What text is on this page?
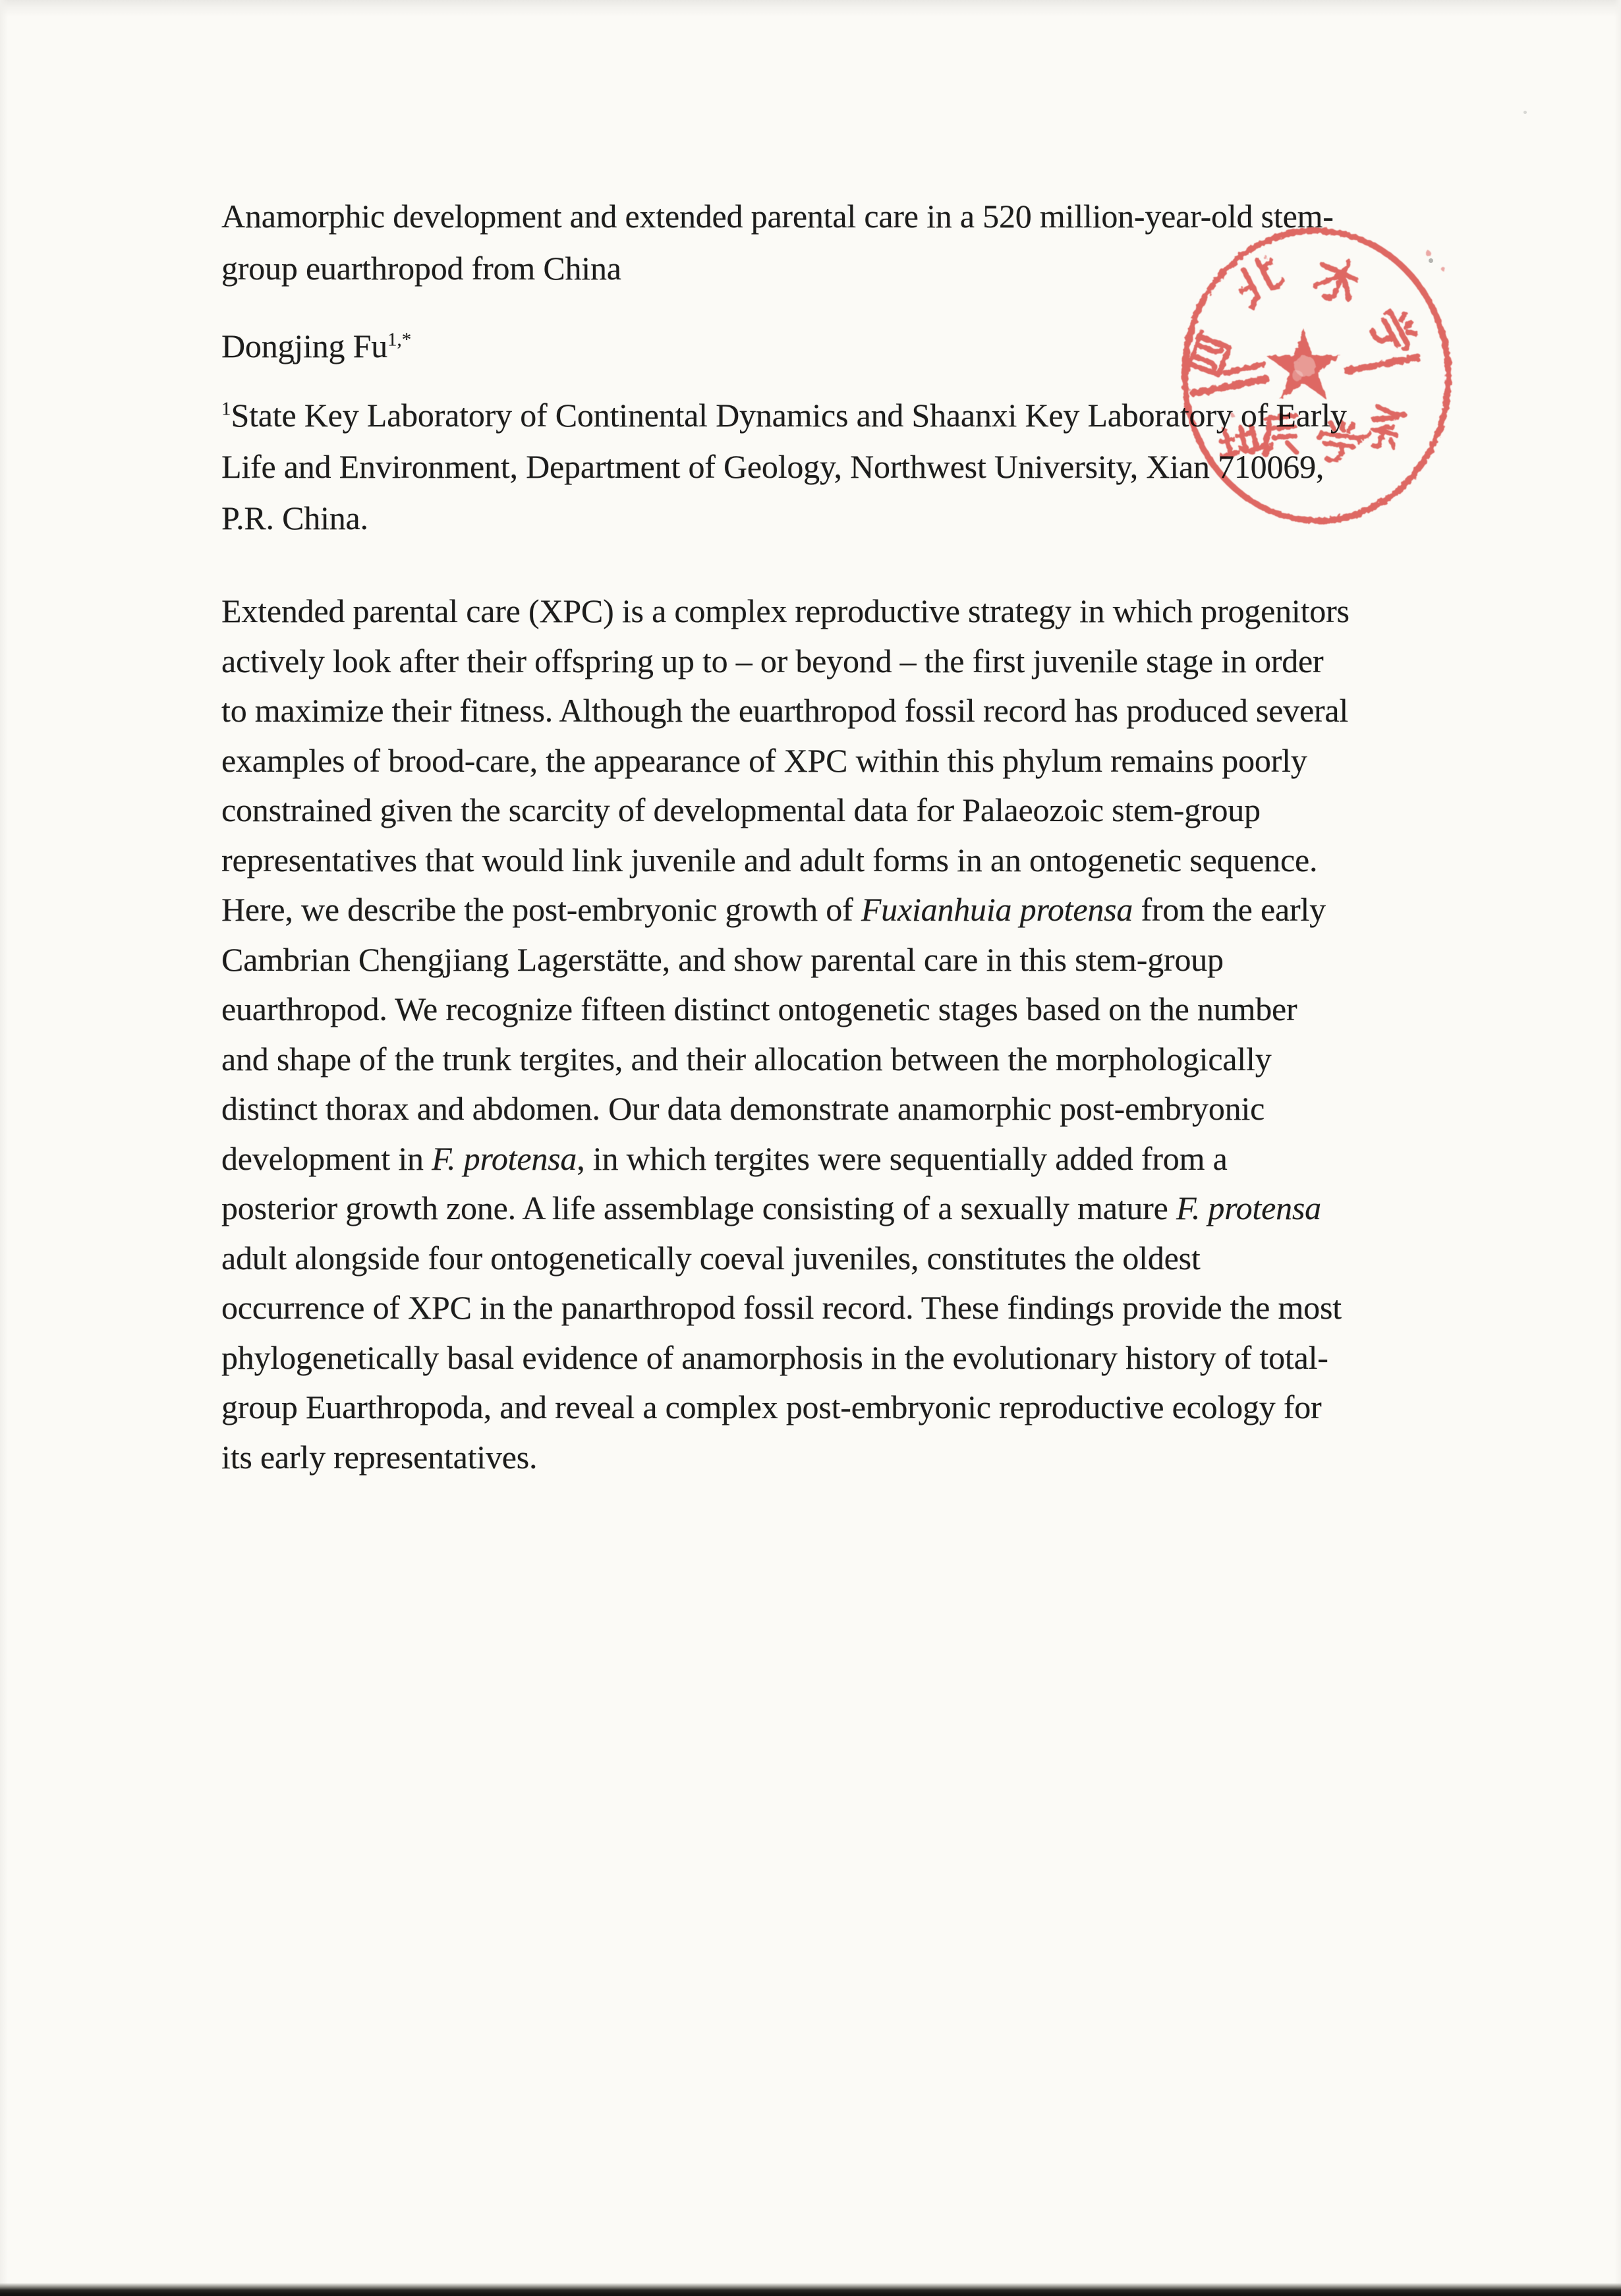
Anamorphic development and extended parental care in a 520 million-year-old stem-
group euarthropod from China
Dongjing $Fu^{1,*}$
$^1$State Key Laboratory of Continental Dynamics and Shaanxi Key Laboratory of Early
Life and Environment, Department of Geology, Northwest University, Xian 710069,
P.R. China.
Extended parental care (XPC) is a complex reproductive strategy in which progenitors
actively look after their offspring up to – or beyond – the first juvenile stage in order
to maximize their fitness. Although the euarthropod fossil record has produced several
examples of brood-care, the appearance of XPC within this phylum remains poorly
constrained given the scarcity of developmental data for Palaeozoic stem-group
representatives that would link juvenile and adult forms in an ontogenetic sequence.
Here, we describe the post-embryonic growth of Fuxianhuia protensa from the early
Cambrian Chengjiang Lagerstätte, and show parental care in this stem-group
euarthropod. We recognize fifteen distinct ontogenetic stages based on the number
and shape of the trunk tergites, and their allocation between the morphologically
distinct thorax and abdomen. Our data demonstrate anamorphic post-embryonic
development in F. protensa, in which tergites were sequentially added from a
posterior growth zone. A life assemblage consisting of a sexually mature F. protensa
adult alongside four ontogenetically coeval juveniles, constitutes the oldest
occurrence of XPC in the panarthropod fossil record. These findings provide the most
phylogenetically basal evidence of anamorphosis in the evolutionary history of total-
group Euarthropoda, and reveal a complex post-embryonic reproductive ecology for
its early representatives.
